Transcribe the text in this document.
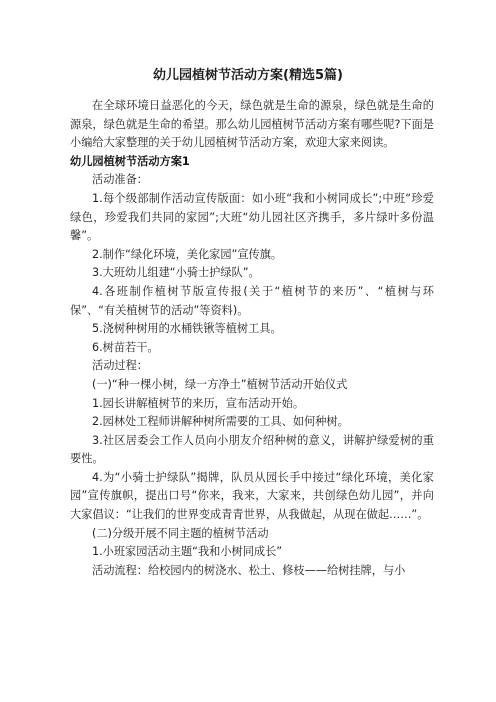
幼儿园植树节活动方案(精选5篇)

在全球环境日益恶化的今天，绿色就是生命的源泉，绿色就是生命的源泉，绿色就是生命的希望。那么幼儿园植树节活动方案有哪些呢?下面是小编给大家整理的关于幼儿园植树节活动方案，欢迎大家来阅读。

幼儿园植树节活动方案1

活动准备：

1.每个级部制作活动宣传版面：如小班“我和小树同成长”;中班“珍爱绿色，珍爱我们共同的家园”;大班“幼儿园社区齐携手，多片绿叶多份温馨”。

2.制作“绿化环境，美化家园”宣传旗。

3.大班幼儿组建“小骑士护绿队”。

4.各班制作植树节版宣传报(关于“植树节的来历”、“植树与环保”、“有关植树节的活动”等资料)。

5.浇树种树用的水桶铁锹等植树工具。

6.树苗若干。

活动过程：

(一)“种一棵小树，绿一方净土”植树节活动开始仪式

1.园长讲解植树节的来历，宣布活动开始。

2.园林处工程师讲解种树所需要的工具、如何种树。

3.社区居委会工作人员向小朋友介绍种树的意义，讲解护绿爱树的重要性。

4.为“小骑士护绿队”揭牌，队员从园长手中接过“绿化环境，美化家园”宣传旗帜，提出口号“你来，我来，大家来，共创绿色幼儿园”，并向大家倡议：“让我们的世界变成青青世界，从我做起，从现在做起……”。

(二)分级开展不同主题的植树节活动

1.小班家园活动主题“我和小树同成长”

活动流程：给校园内的树浇水、松土、修枝——给树挂牌，与小
